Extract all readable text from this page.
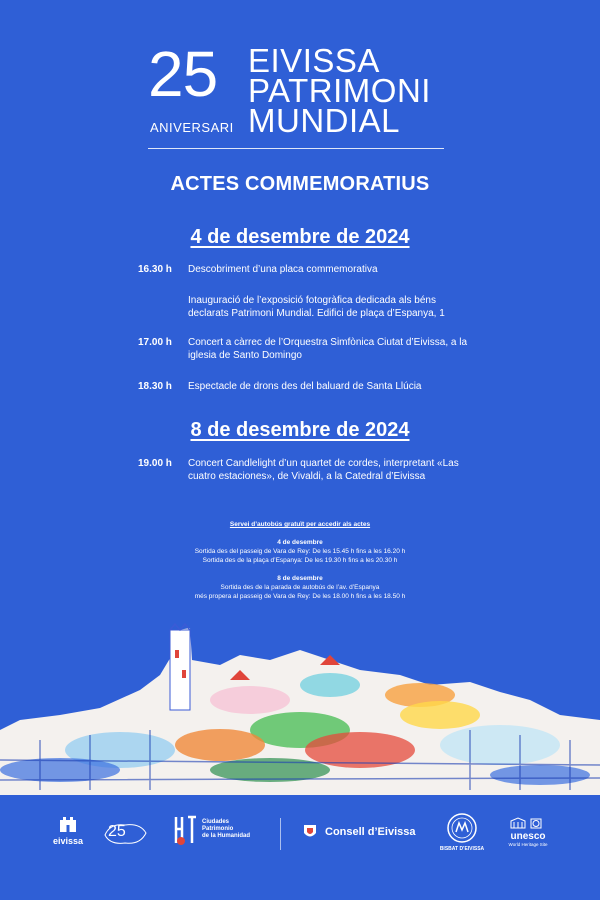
25 EIVISSA
PATRIMONI
MUNDIAL
ANIVERSARI
ACTES COMMEMORATIUS
4 de desembre de 2024
16.30 h Descobriment d’una placa commemorativa
Inauguració de l’exposició fotogràfica dedicada als béns declarats Patrimoni Mundial. Edifici de plaça d’Espanya, 1
17.00 h Concert a càrrec de l’Orquestra Simfònica Ciutat d’Eivissa, a la iglesia de Santo Domingo
18.30 h Espectacle de drons des del baluard de Santa Llúcia
8 de desembre de 2024
19.00 h Concert Candlelight d’un quartet de cordes, interpretant «Las cuatro estaciones», de Vivaldi, a la Catedral d’Eivissa
Servei d’autobús gratuït per accedir als actes
4 de desembre
Sortida des del passeig de Vara de Rey: De les 15.45 h fins a les 16.20 h
Sortida des de la plaça d’Espanya: De les 19.30 h fins a les 20.30 h
8 de desembre
Sortida des de la parada de autobús de l’av. d’Espanya
més propera al passeig de Vara de Rey: De les 18.00 h fins a les 18.50 h
eivissa
25
Ciudades
Patrimonio
de la Humanidad	Consell d’Eivissa
BISBAT D’EIVISSA
unesco
World Heritage Site
